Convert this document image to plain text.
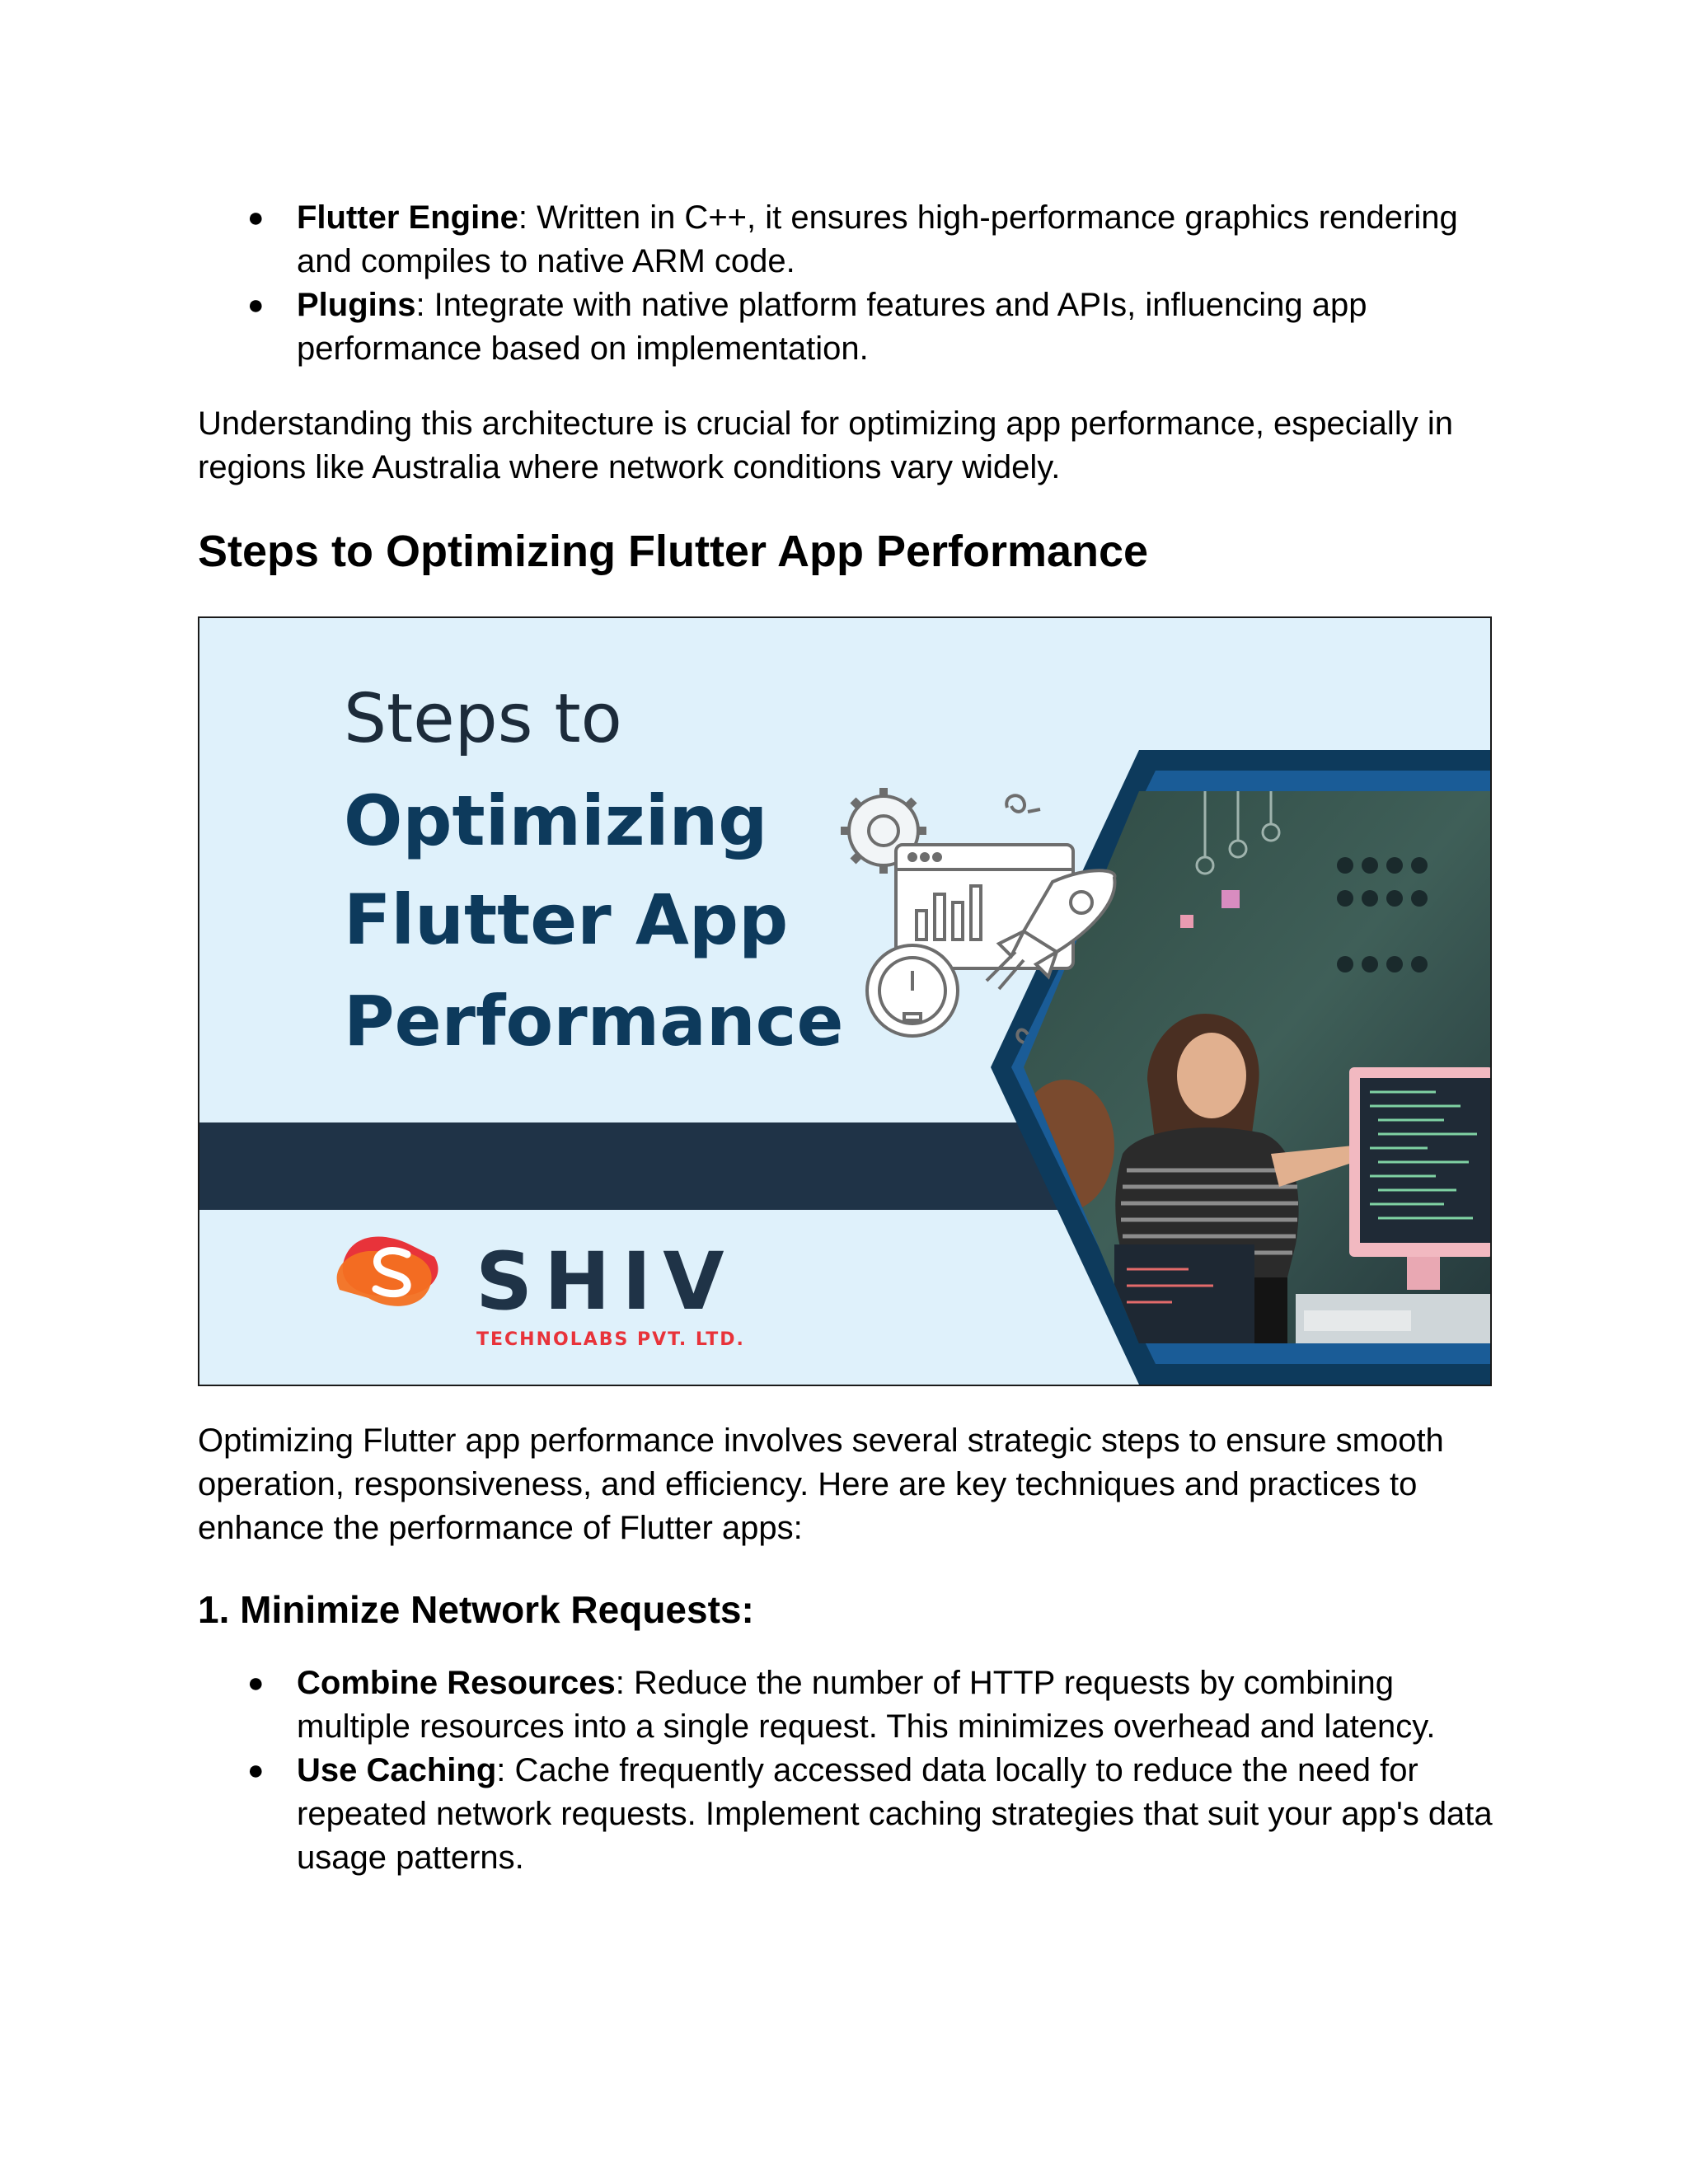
● Flutter Engine: Written in C++, it ensures high-performance graphics rendering and compiles to native ARM code.
● Plugins: Integrate with native platform features and APIs, influencing app performance based on implementation.

Understanding this architecture is crucial for optimizing app performance, especially in regions like Australia where network conditions vary widely.

Steps to Optimizing Flutter App Performance
Steps to
Optimizing
Flutter App
Performance
SHIV
TECHNOLABS PVT. LTD.

Optimizing Flutter app performance involves several strategic steps to ensure smooth operation, responsiveness, and efficiency. Here are key techniques and practices to enhance the performance of Flutter apps:

1. Minimize Network Requests:
● Combine Resources: Reduce the number of HTTP requests by combining multiple resources into a single request. This minimizes overhead and latency.
● Use Caching: Cache frequently accessed data locally to reduce the need for repeated network requests. Implement caching strategies that suit your app's data usage patterns.
